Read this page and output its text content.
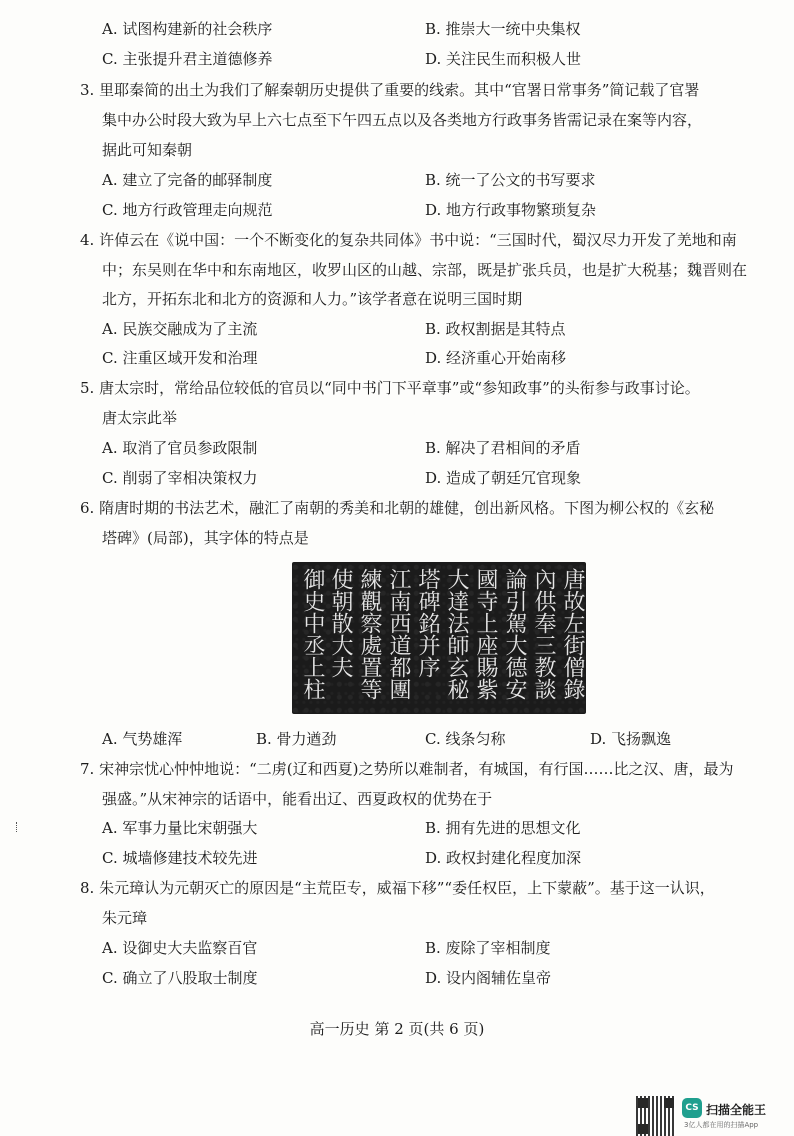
A. 试图构建新的社会秩序	B. 推崇大一统中央集权
C. 主张提升君主道德修养	D. 关注民生而积极人世
3. 里耶秦简的出土为我们了解秦朝历史提供了重要的线索。其中“官署日常事务”简记载了官署
集中办公时段大致为早上六七点至下午四五点以及各类地方行政事务皆需记录在案等内容，
据此可知秦朝
A. 建立了完备的邮驿制度	B. 统一了公文的书写要求
C. 地方行政管理走向规范	D. 地方行政事物繁琐复杂
4. 许倬云在《说中国：一个不断变化的复杂共同体》书中说：“三国时代，蜀汉尽力开发了羌地和南
中；东吴则在华中和东南地区，收罗山区的山越、宗部，既是扩张兵员，也是扩大税基；魏晋则在
北方，开拓东北和北方的资源和人力。”该学者意在说明三国时期
A. 民族交融成为了主流	B. 政权割据是其特点
C. 注重区域开发和治理	D. 经济重心开始南移
5. 唐太宗时，常给品位较低的官员以“同中书门下平章事”或“参知政事”的头衔参与政事讨论。
唐太宗此举
A. 取消了官员参政限制	B. 解决了君相间的矛盾
C. 削弱了宰相决策权力	D. 造成了朝廷冗官现象
6. 隋唐时期的书法艺术，融汇了南朝的秀美和北朝的雄健，创出新风格。下图为柳公权的《玄秘
塔碑》(局部)，其字体的特点是
唐故左街僧錄
內供奉三教談
論引駕大德安
國寺上座賜紫
大達法師玄秘
塔碑銘并序
江南西道都團
練觀察處置等
使朝散大夫
御史中丞上柱
A. 气势雄浑	B. 骨力遒劲	C. 线条匀称	D. 飞扬飘逸
7. 宋神宗忧心忡忡地说：“二虏(辽和西夏)之势所以难制者，有城国，有行国……比之汉、唐，最为
强盛。”从宋神宗的话语中，能看出辽、西夏政权的优势在于
A. 军事力量比宋朝强大	B. 拥有先进的思想文化
C. 城墙修建技术较先进	D. 政权封建化程度加深
8. 朱元璋认为元朝灭亡的原因是“主荒臣专，威福下移”“委任权臣，上下蒙蔽”。基于这一认识，
朱元璋
A. 设御史大夫监察百官	B. 废除了宰相制度
C. 确立了八股取士制度	D. 设内阁辅佐皇帝
高一历史 第 2 页(共 6 页)
CS 扫描全能王
3亿人都在用的扫描App
